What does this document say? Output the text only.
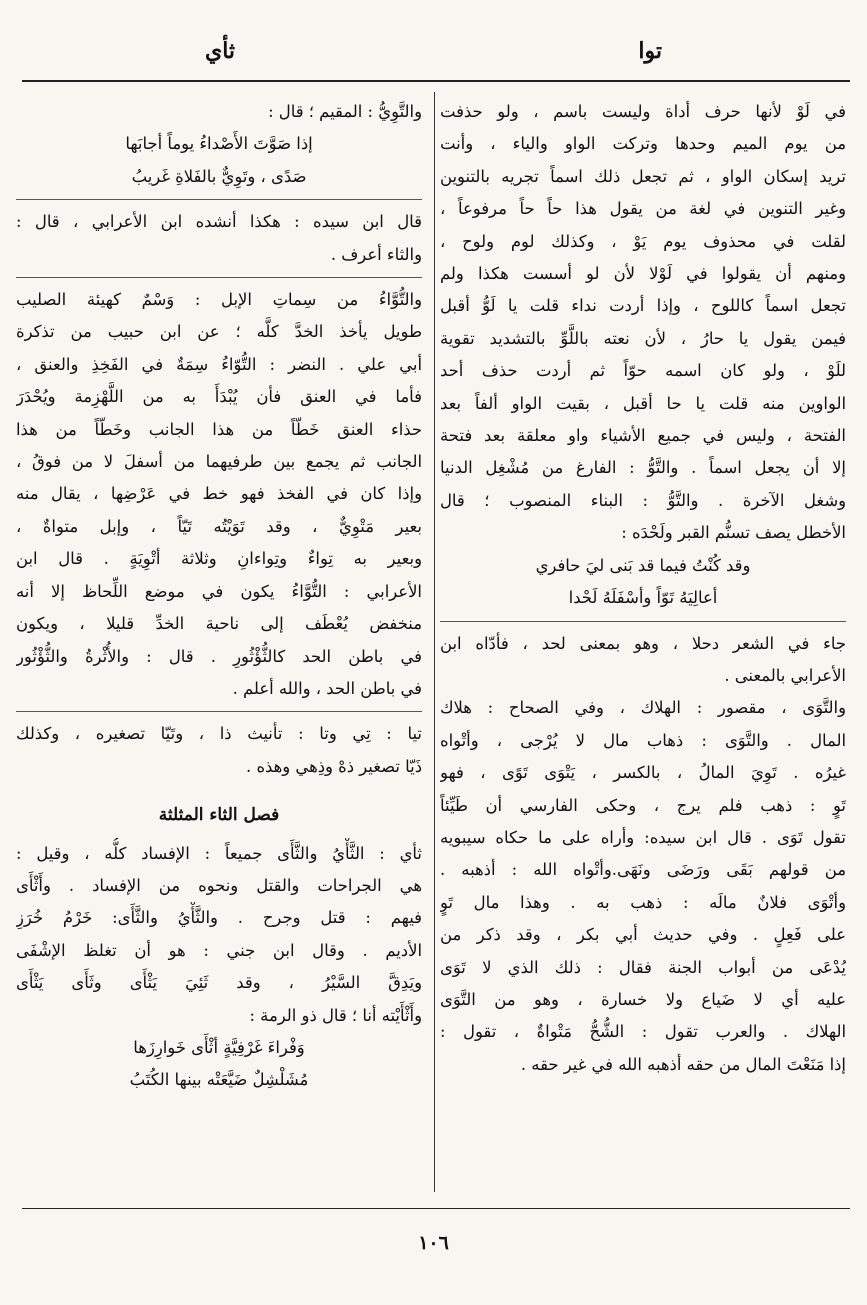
توا
ثأي
في لَوْ لأنها حرف أداة وليست باسم ، ولو حذفت
من يوم الميم وحدها وتركت الواو والياء ، وأنت
تريد إسكان الواو ، ثم تجعل ذلك اسماً تجريه بالتنوين
وغير التنوين في لغة من يقول هذا حاً حاً مرفوعاً ،
لقلت في محذوف يوم يَوْ ، وكذلك لوم ولوح ،
ومنهم أن يقولوا في لَوْلا لأن لو أسست هكذا ولم
تجعل اسماً كاللوح ، وإذا أردت نداء قلت يا لَوُّ أقبل
فيمن يقول يا حارُ ، لأن نعته باللَّوِّ بالتشديد تقوية
للَوْ ، ولو كان اسمه حوّاً ثم أردت حذف أحد
الواوين منه قلت يا حا أقبل ، بقيت الواو ألفاً بعد
الفتحة ، وليس في جميع الأشياء واو معلقة بعد فتحة
إلا أن يجعل اسماً . والتَّوُّ : الفارغ من مُشْغِل الدنيا
وشغل الآخرة . والتَّوُّ : البناء المنصوب ؛ قال
الأخطل يصف تسنُّم القبر ولَحْدَه :
وقد كُنْتُ فيما قد بَنى ليَ حافري
أعالِيَهُ تَوّاً وأسْفَلَهُ لَحْدا
جاء في الشعر دحلا ، وهو بمعنى لحد ، فأدّاه ابن
الأعرابي بالمعنى .
والتَّوَى ، مقصور : الهلاك ، وفي الصحاح : هلاك
المال . والتَّوَى : ذهاب مال لا يُرْجى ، وأتْواه
غيرُه . تَوِيَ المالُ ، بالكسر ، يَتْوَى تَوًى ، فهو
تَوٍ : ذهب فلم يرج ، وحكى الفارسي أن طَيِّئاً
تقول تَوَى . قال ابن سيده: وأراه على ما حكاه سيبويه
من قولهم بَقَى ورَضَى ونَهَى.وأتْواه الله : أذهبه .
وأتْوَى فلانٌ مالَه : ذهب به . وهذا مال تَوٍ
على فَعِلٍ . وفي حديث أبي بكر ، وقد ذكر من
يُدْعَى من أبواب الجنة فقال : ذلك الذي لا تَوَى
عليه أي لا ضَياع ولا خسارة ، وهو من التَّوَى
الهلاك . والعرب تقول : الشُّحُّ مَتْواةٌ ، تقول :
إذا مَنَعْتَ المال من حقه أذهبه الله في غير حقه .
والتَّوِيُّ : المقيم ؛ قال :
إذا صَوَّتَ الأَصْداءُ يوماً أجابَها
صَدًى ، وتَوِيٌّ بالفَلاةِ غَريبُ
قال ابن سيده : هكذا أنشده ابن الأعرابي ، قال :
والثاء أعرف .
والتُّوَّاءُ من سِماتِ الإبل : وَسْمٌ كهيئة الصليب
طويل يأخذ الخدَّ كلَّه ؛ عن ابن حبيب من تذكرة
أبي علي . النضر : التُّوّاءُ سِمَةٌ في الفَخِذِ والعنق ،
فأما في العنق فأن يُبْدَأَ به من اللَّهْزِمة ويُحْدَرَ
حذاء العنق خَطّاً من هذا الجانب وخَطّاً من هذا
الجانب ثم يجمع بين طرفيهما من أسفلَ لا من فوقُ ،
وإذا كان في الفخذ فهو خط في عَرْضِها ، يقال منه
بعير مَتْوِيٌّ ، وقد تَوَيْتُه تَيّاً ، وإبل متواةٌ ،
وبعير به تِواءٌ وتِواءانِ وثلاثة أتْوِيَةٍ . قال ابن
الأعرابي : التُّوَّاءُ يكون في موضع اللِّحاظ إلا أنه
منخفض يُعْطَف إلى ناحية الخدِّ قليلا ، ويكون
في باطن الحد كالثُّؤْثُورِ . قال : والأُثْرةُ والثُّؤْثُور
في باطن الحد ، والله أعلم .
تيا : تِي وتا : تأنيث ذا ، وتَيّا تصغيره ، وكذلك
ذَيّا تصغير ذهْ وذِهي وهذه .
فصل الثاء المثلثة
ثأي : الثَّأْيُ والثَّأَى جميعاً : الإفساد كلُّه ، وقيل :
هي الجراحات والقتل ونحوه من الإفساد . وأَثْأَى
فيهم : قتل وجرح . والثَّأْيُ والثَّأَى: خَرْمُ خُرَزِ
الأديم . وقال ابن جني : هو أن تغلظ الإشْفَى
ويَدِقَّ السَّيْرُ ، وقد ثَئِيَ يَثْأَى وثَأَى يَثْأَى
وأَثْأَيْته أنا ؛ قال ذو الرمة :
وَفْراءَ غَرْفِيَّةٍ أثْأَى خَوارِزَها
مُشَلْشِلٌ ضَيَّعَتْه بينها الكُتَبُ
١٠٦
